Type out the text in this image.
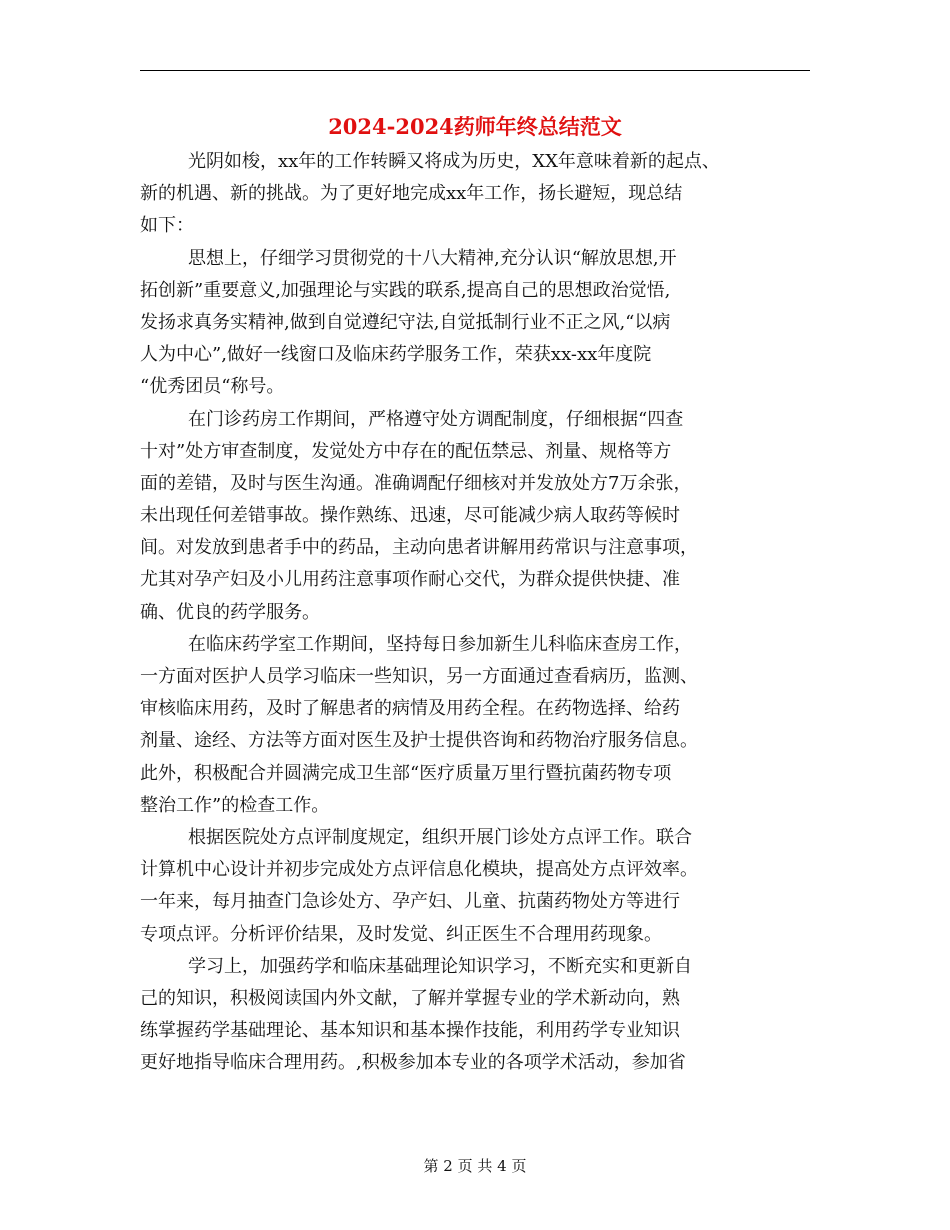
2024-2024药师年终总结范文

光阴如梭，xx年的工作转瞬又将成为历史，XX年意味着新的起点、
新的机遇、新的挑战。为了更好地完成xx年工作，扬长避短，现总结
如下：

思想上，仔细学习贯彻党的十八大精神,充分认识“解放思想,开
拓创新”重要意义,加强理论与实践的联系,提高自己的思想政治觉悟,
发扬求真务实精神,做到自觉遵纪守法,自觉抵制行业不正之风,“以病
人为中心”,做好一线窗口及临床药学服务工作，荣获xx-xx年度院
“优秀团员“称号。

在门诊药房工作期间，严格遵守处方调配制度，仔细根据“四查
十对”处方审查制度，发觉处方中存在的配伍禁忌、剂量、规格等方
面的差错，及时与医生沟通。准确调配仔细核对并发放处方7万余张，
未出现任何差错事故。操作熟练、迅速，尽可能减少病人取药等候时
间。对发放到患者手中的药品，主动向患者讲解用药常识与注意事项，
尤其对孕产妇及小儿用药注意事项作耐心交代，为群众提供快捷、准
确、优良的药学服务。

在临床药学室工作期间，坚持每日参加新生儿科临床查房工作，
一方面对医护人员学习临床一些知识，另一方面通过查看病历，监测、
审核临床用药，及时了解患者的病情及用药全程。在药物选择、给药
剂量、途经、方法等方面对医生及护士提供咨询和药物治疗服务信息。
此外，积极配合并圆满完成卫生部“医疗质量万里行暨抗菌药物专项
整治工作”的检查工作。

根据医院处方点评制度规定，组织开展门诊处方点评工作。联合
计算机中心设计并初步完成处方点评信息化模块，提高处方点评效率。
一年来，每月抽查门急诊处方、孕产妇、儿童、抗菌药物处方等进行
专项点评。分析评价结果，及时发觉、纠正医生不合理用药现象。

学习上，加强药学和临床基础理论知识学习，不断充实和更新自
己的知识，积极阅读国内外文献，了解并掌握专业的学术新动向，熟
练掌握药学基础理论、基本知识和基本操作技能，利用药学专业知识
更好地指导临床合理用药。,积极参加本专业的各项学术活动，参加省

第 2 页 共 4 页
